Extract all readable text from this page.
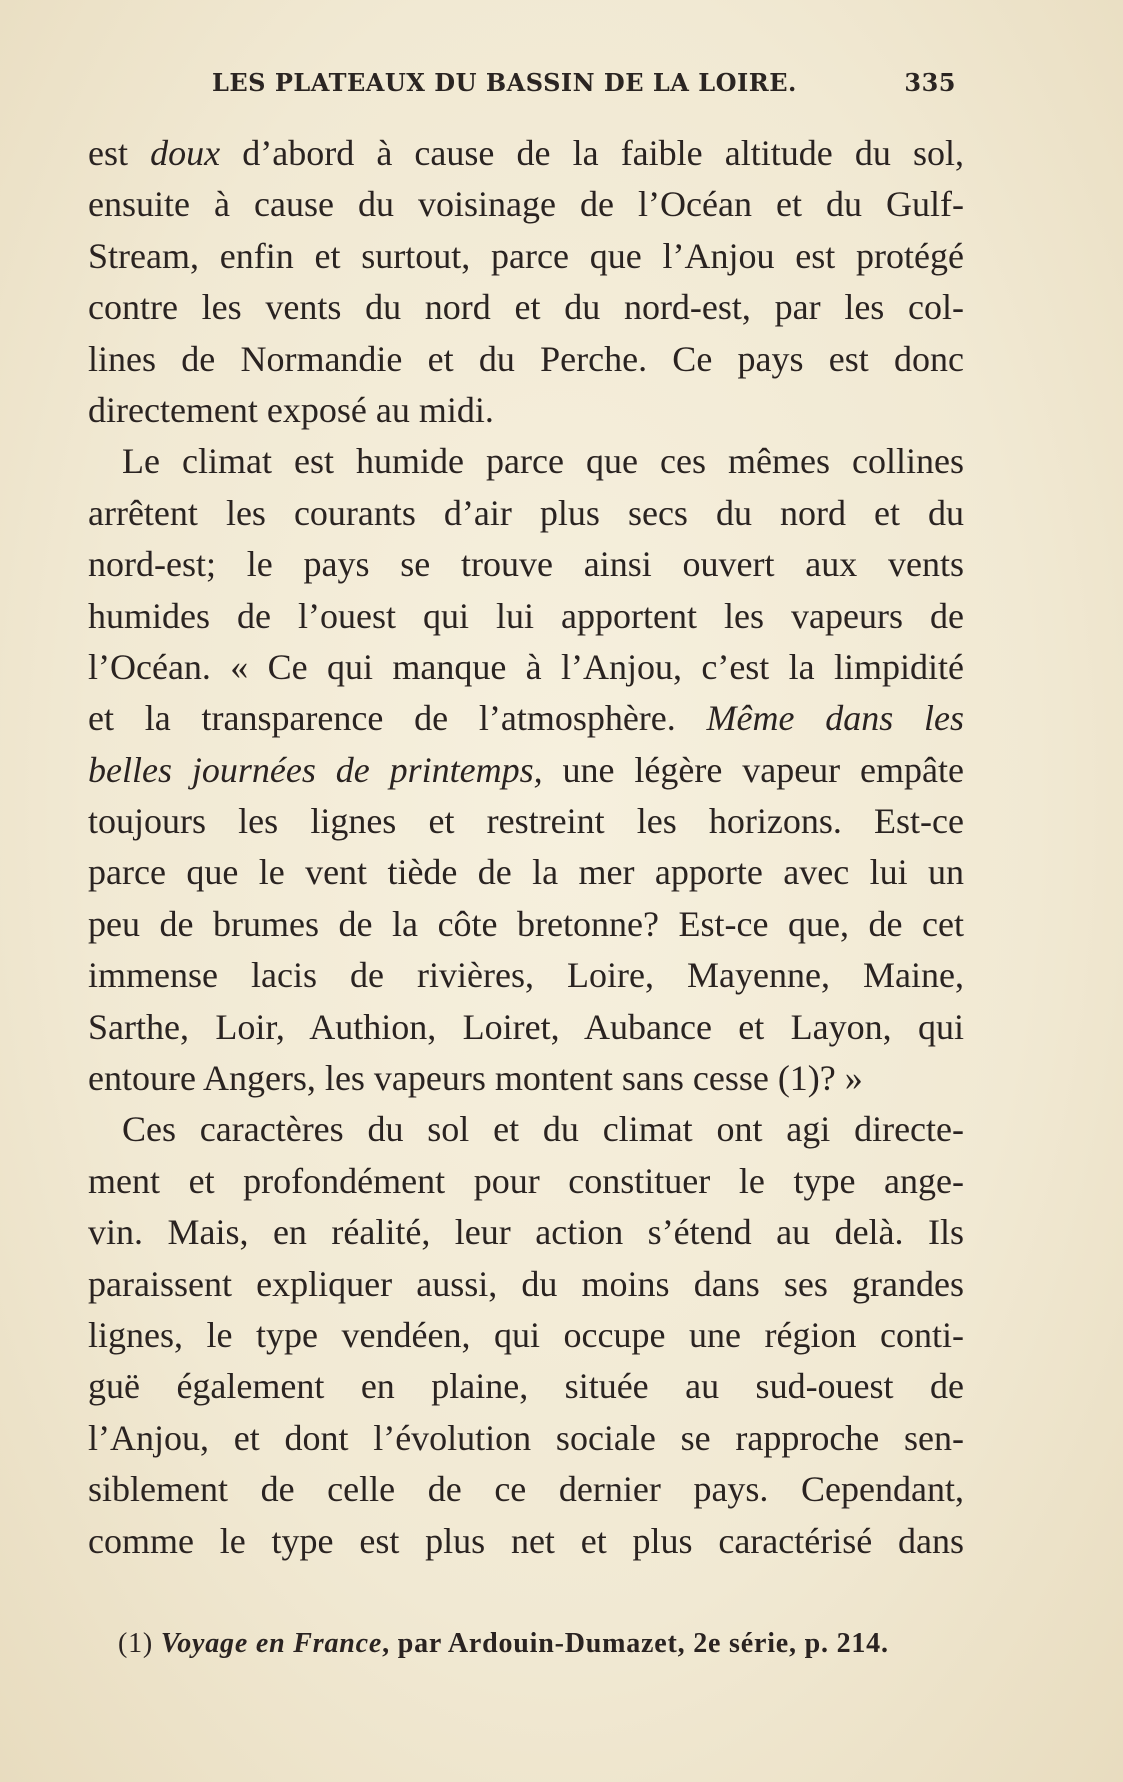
LES PLATEAUX DU BASSIN DE LA LOIRE.	335
est doux d’abord à cause de la faible altitude du sol,
ensuite à cause du voisinage de l’Océan et du Gulf-
Stream, enfin et surtout, parce que l’Anjou est protégé
contre les vents du nord et du nord-est, par les col-
lines de Normandie et du Perche. Ce pays est donc
directement exposé au midi.
Le climat est humide parce que ces mêmes collines
arrêtent les courants d’air plus secs du nord et du
nord-est; le pays se trouve ainsi ouvert aux vents
humides de l’ouest qui lui apportent les vapeurs de
l’Océan. « Ce qui manque à l’Anjou, c’est la limpidité
et la transparence de l’atmosphère. Même dans les
belles journées de printemps, une légère vapeur empâte
toujours les lignes et restreint les horizons. Est-ce
parce que le vent tiède de la mer apporte avec lui un
peu de brumes de la côte bretonne? Est-ce que, de cet
immense lacis de rivières, Loire, Mayenne, Maine,
Sarthe, Loir, Authion, Loiret, Aubance et Layon, qui
entoure Angers, les vapeurs montent sans cesse (1)? »
Ces caractères du sol et du climat ont agi directe-
ment et profondément pour constituer le type ange-
vin. Mais, en réalité, leur action s’étend au delà. Ils
paraissent expliquer aussi, du moins dans ses grandes
lignes, le type vendéen, qui occupe une région conti-
guë également en plaine, située au sud-ouest de
l’Anjou, et dont l’évolution sociale se rapproche sen-
siblement de celle de ce dernier pays. Cependant,
comme le type est plus net et plus caractérisé dans
(1) Voyage en France, par Ardouin-Dumazet, 2e série, p. 214.
